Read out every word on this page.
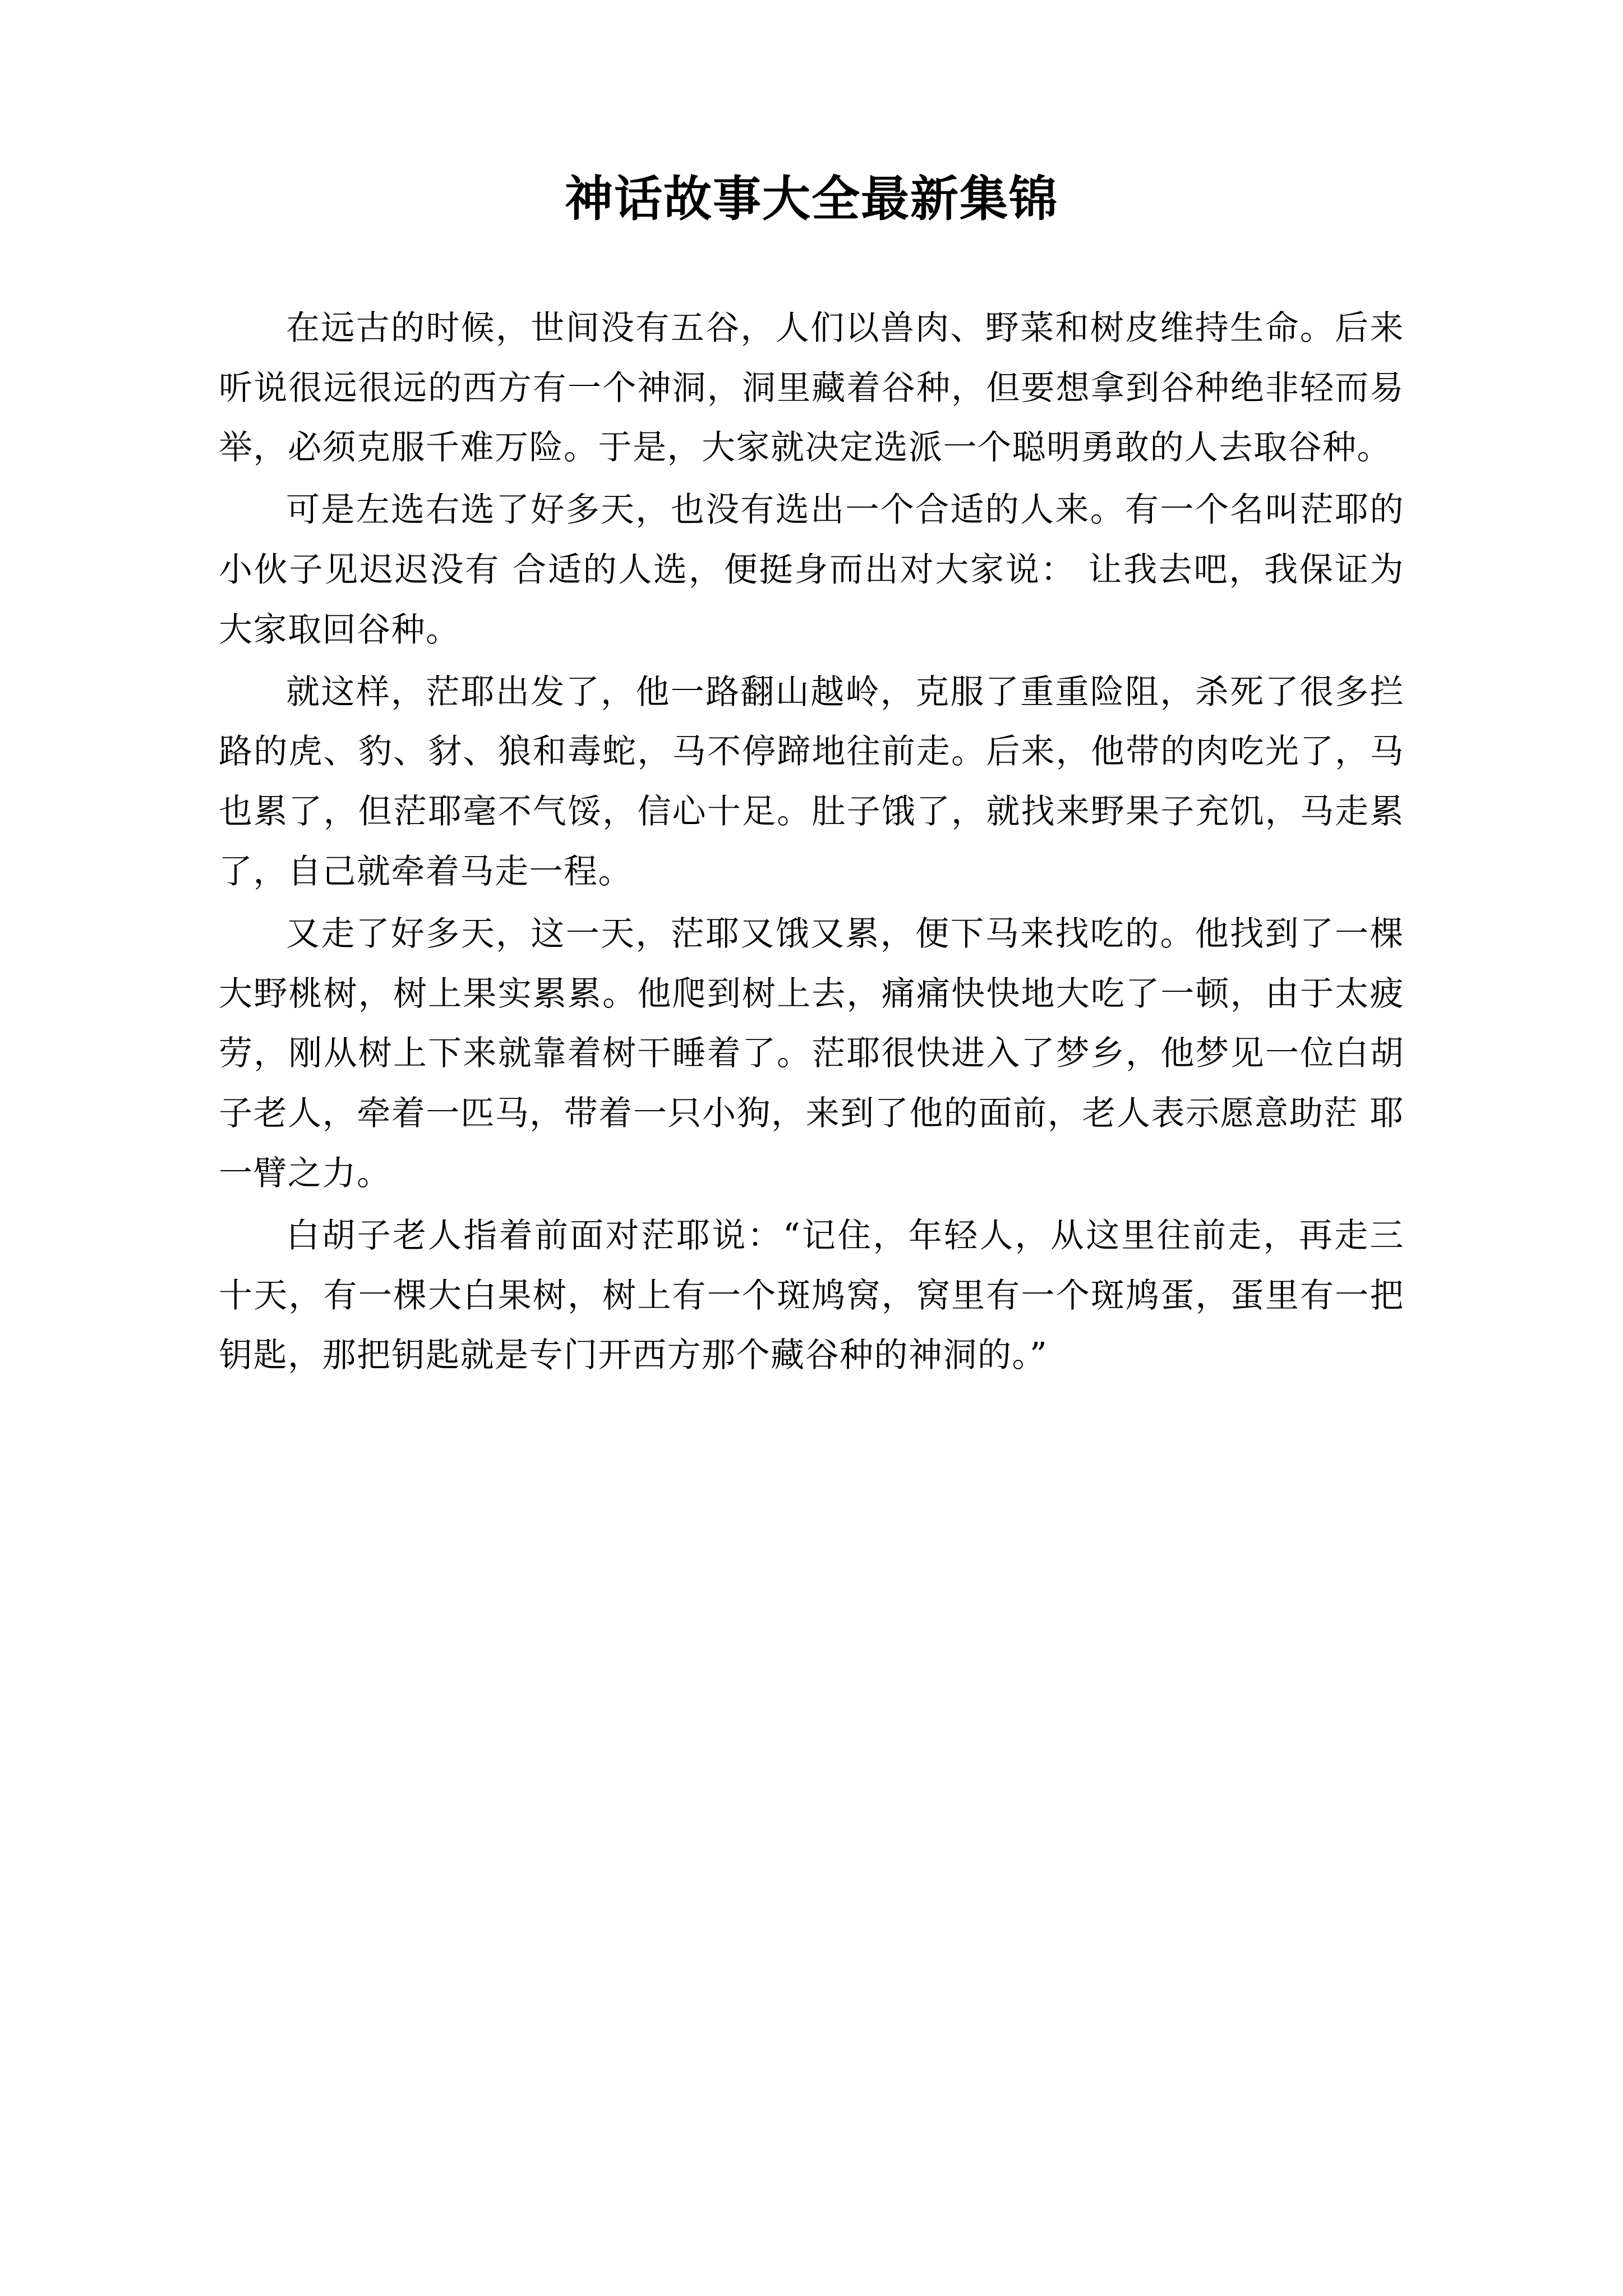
神话故事大全最新集锦

在远古的时候，世间没有五谷，人们以兽肉、野菜和树皮维持生命。后来听说很远很远的西方有一个神洞，洞里藏着谷种，但要想拿到谷种绝非轻而易举，必须克服千难万险。于是，大家就决定选派一个聪明勇敢的人去取谷种。

可是左选右选了好多天，也没有选出一个合适的人来。有一个名叫茫耶的小伙子见迟迟没有 合适的人选，便挺身而出对大家说： 让我去吧，我保证为大家取回谷种。

就这样，茫耶出发了，他一路翻山越岭，克服了重重险阻，杀死了很多拦路的虎、豹、豺、狼和毒蛇，马不停蹄地往前走。后来，他带的肉吃光了，马也累了，但茫耶毫不气馁，信心十足。肚子饿了，就找来野果子充饥，马走累了，自己就牵着马走一程。

又走了好多天，这一天，茫耶又饿又累，便下马来找吃的。他找到了一棵大野桃树，树上果实累累。他爬到树上去，痛痛快快地大吃了一顿，由于太疲劳，刚从树上下来就靠着树干睡着了。茫耶很快进入了梦乡，他梦见一位白胡子老人，牵着一匹马，带着一只小狗，来到了他的面前，老人表示愿意助茫 耶一臂之力。

白胡子老人指着前面对茫耶说：“记住，年轻人，从这里往前走，再走三十天，有一棵大白果树，树上有一个斑鸠窝，窝里有一个斑鸠蛋，蛋里有一把钥匙，那把钥匙就是专门开西方那个藏谷种的神洞的。”
